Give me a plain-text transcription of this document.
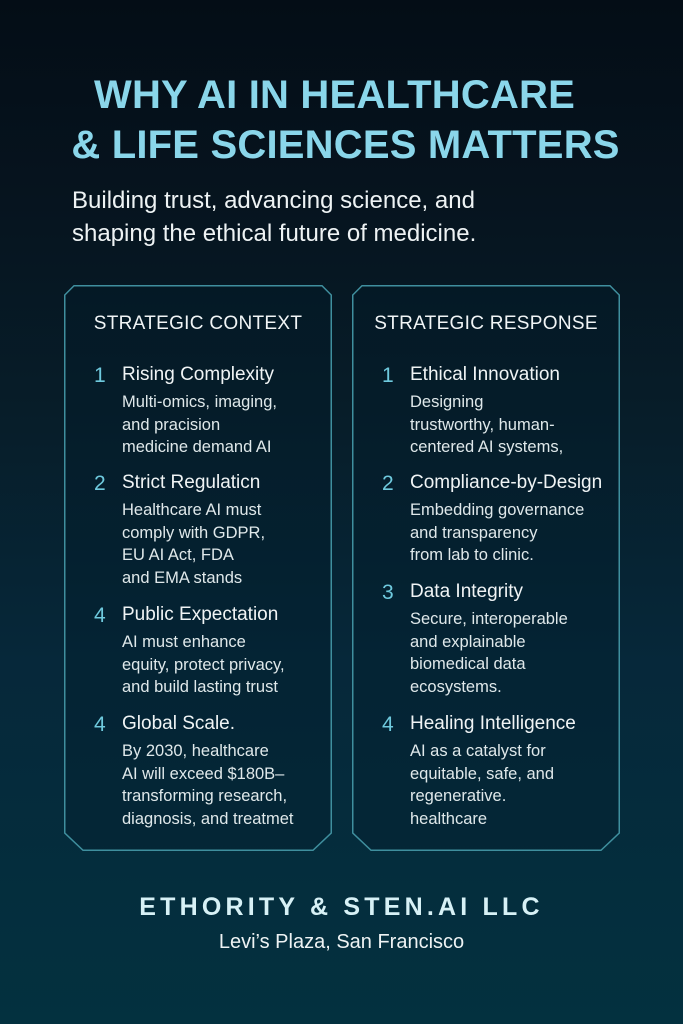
WHY AI IN HEALTHCARE
& LIFE SCIENCES MATTERS
Building trust, advancing science, and
shaping the ethical future of medicine.
STRATEGIC CONTEXT
1 Rising Complexity
Multi-omics, imaging,
and pracision
medicine demand AI
2 Strict Regulaticn
Healthcare AI must
comply with GDPR,
EU AI Act, FDA
and EMA stands
4 Public Expectation
AI must enhance
equity, protect privacy,
and build lasting trust
4 Global Scale.
By 2030, healthcare
AI will exceed $180B–
transforming research,
diagnosis, and treatmet
STRATEGIC RESPONSE
1 Ethical Innovation
Designing
trustworthy, human-
centered AI systems,
2 Compliance-by-Design
Embedding governance
and transparency
from lab to clinic.
3 Data Integrity
Secure, interoperable
and explainable
biomedical data
ecosystems.
4 Healing Intelligence
AI as a catalyst for
equitable, safe, and
regenerative.
healthcare
ETHORITY & STEN.AI LLC
Levi’s Plaza, San Francisco
